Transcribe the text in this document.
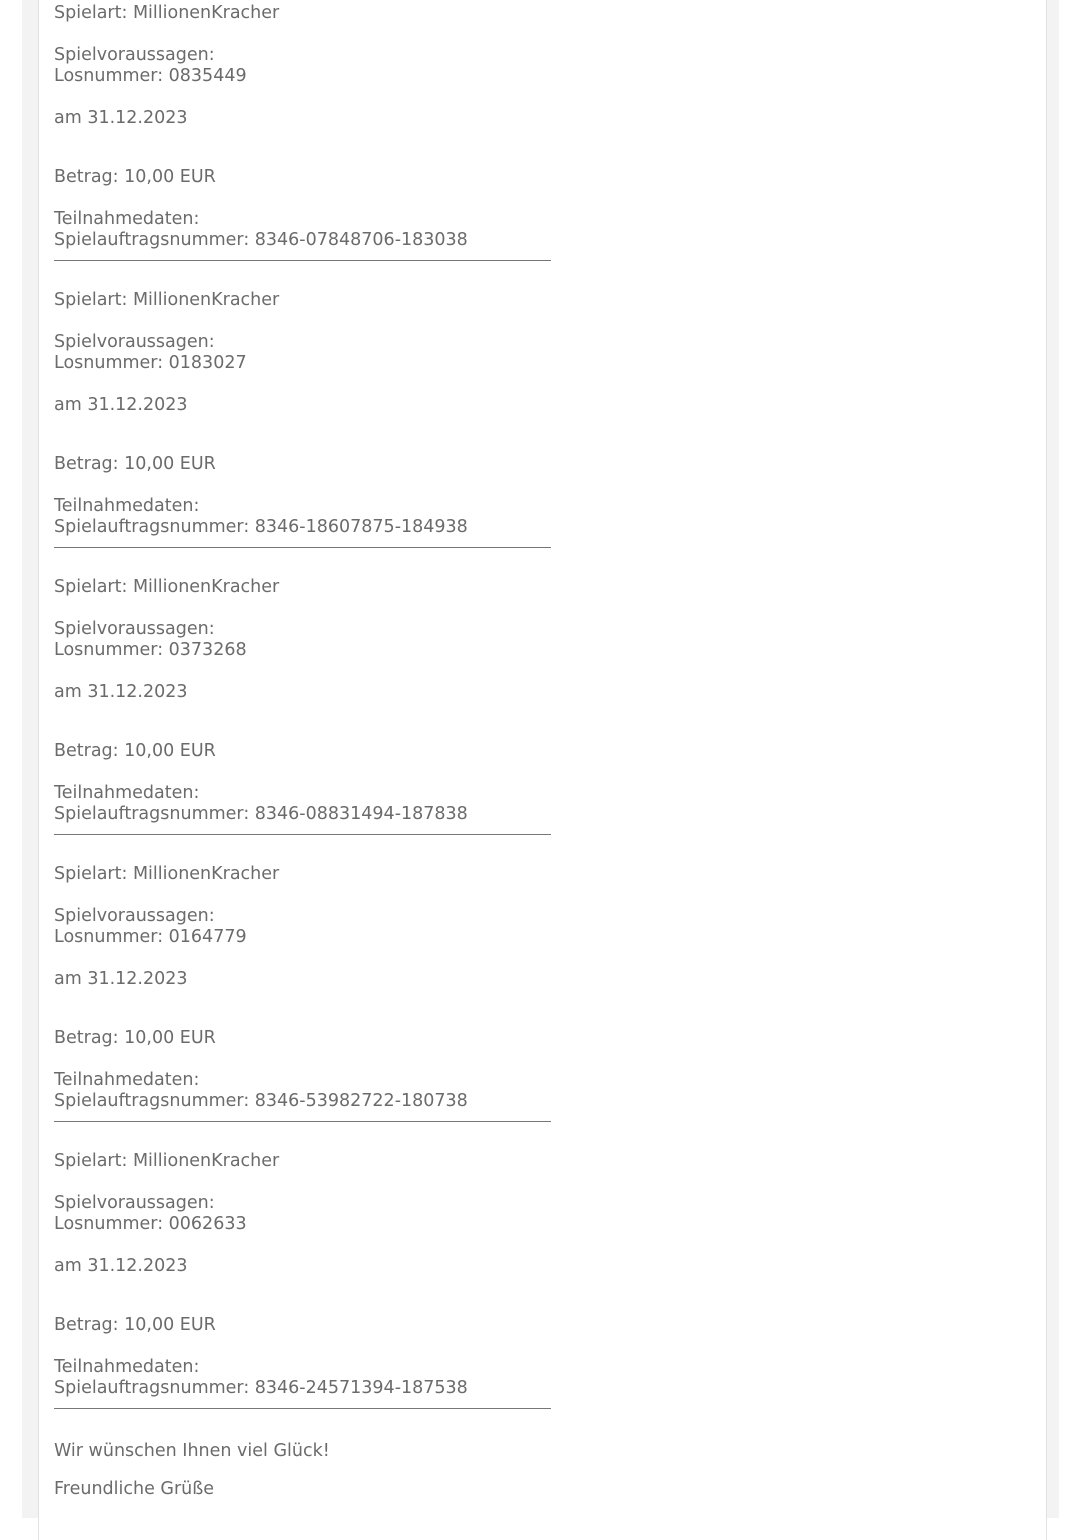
Spielart: MillionenKracher

Spielvoraussagen:

Losnummer: 0835449

am 31.12.2023

Betrag: 10,00 EUR

Teilnahmedaten:

Spielauftragsnummer: 8346-07848706-183038

Spielart: MillionenKracher

Spielvoraussagen:

Losnummer: 0183027

am 31.12.2023

Betrag: 10,00 EUR

Teilnahmedaten:

Spielauftragsnummer: 8346-18607875-184938

Spielart: MillionenKracher

Spielvoraussagen:

Losnummer: 0373268

am 31.12.2023

Betrag: 10,00 EUR

Teilnahmedaten:

Spielauftragsnummer: 8346-08831494-187838

Spielart: MillionenKracher

Spielvoraussagen:

Losnummer: 0164779

am 31.12.2023

Betrag: 10,00 EUR

Teilnahmedaten:

Spielauftragsnummer: 8346-53982722-180738

Spielart: MillionenKracher

Spielvoraussagen:

Losnummer: 0062633

am 31.12.2023

Betrag: 10,00 EUR

Teilnahmedaten:

Spielauftragsnummer: 8346-24571394-187538

Wir wünschen Ihnen viel Glück!

Freundliche Grüße
